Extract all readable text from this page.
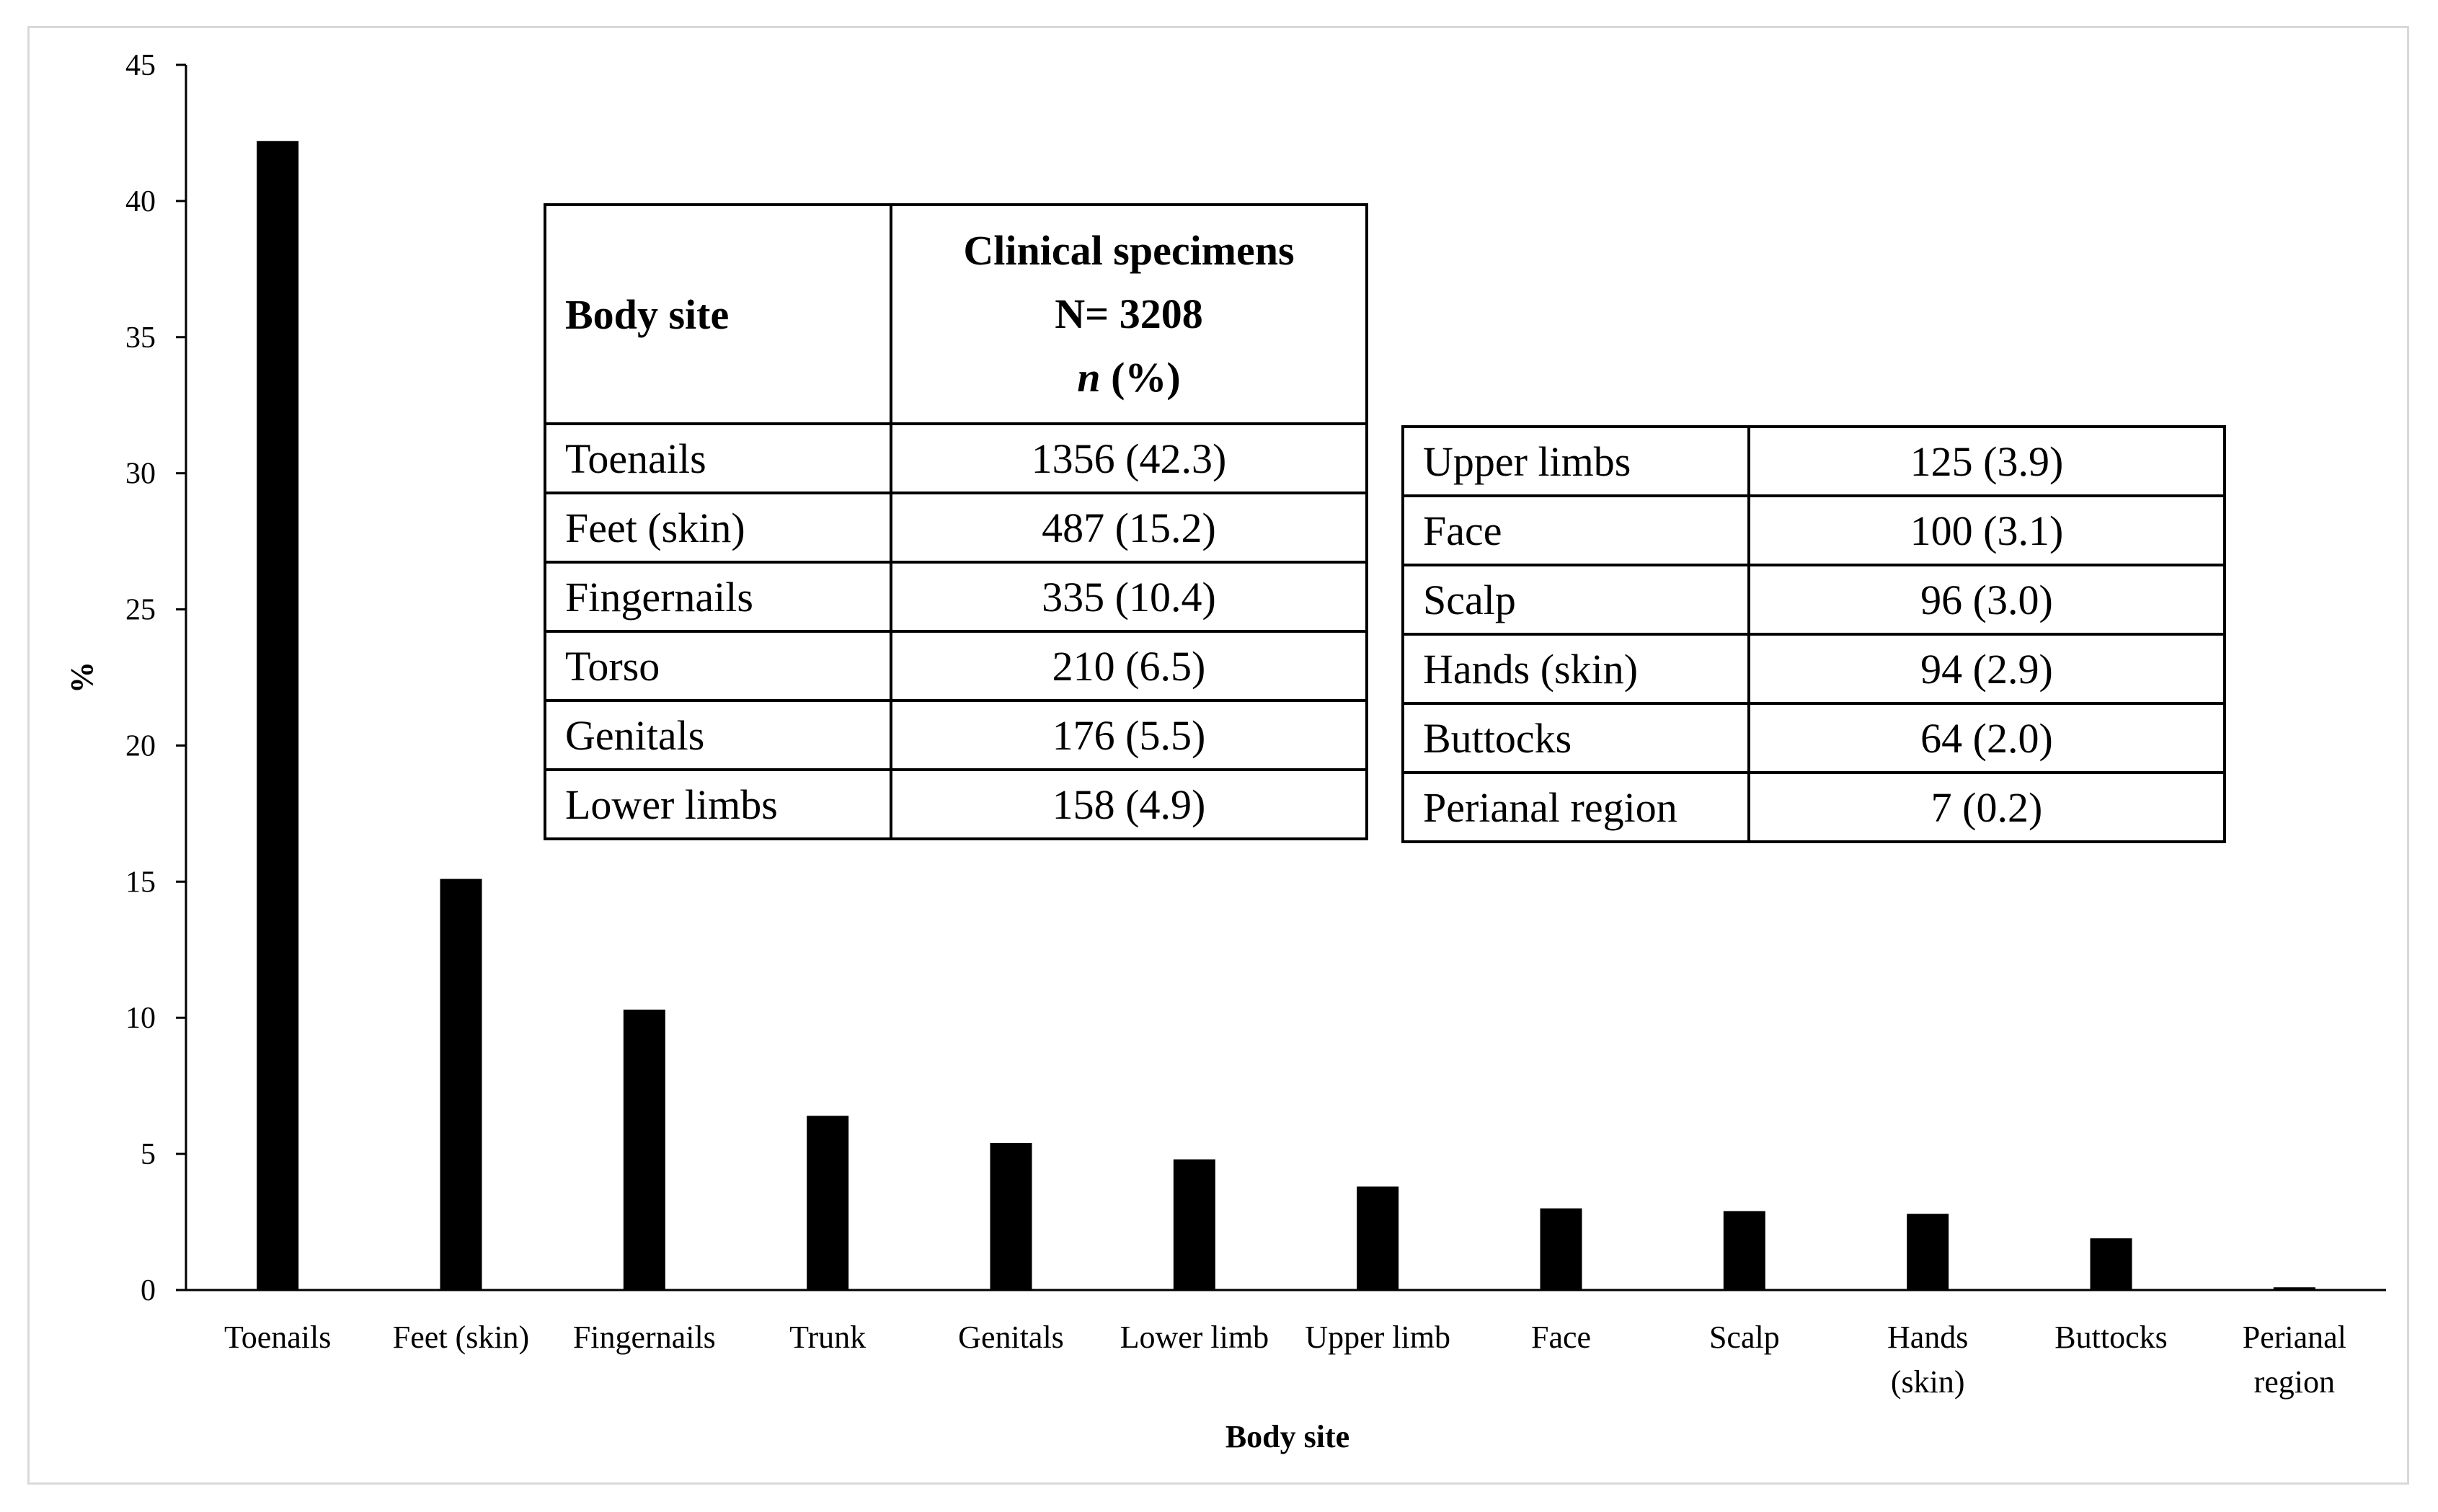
0
5
10
15
20
25
30
35
40
45
Toenails Feet (skin) Fingernails Trunk	Genitals Lower limb Upper limb	Face	Scalp	Hands
(skin)
Buttocks Perianal
region
%
Body site
Body site	Clinical specimens
N= 3208
n (%)

Toenails	1356 (42.3)
Feet (skin)	487 (15.2)
Fingernails	335 (10.4)
Torso	210 (6.5)
Genitals	176 (5.5)
Lower limbs	158 (4.9)
Upper limbs	125 (3.9)
Face	100 (3.1)
Scalp	96 (3.0)
Hands (skin)	94 (2.9)
Buttocks	64 (2.0)
Perianal region	7 (0.2)
